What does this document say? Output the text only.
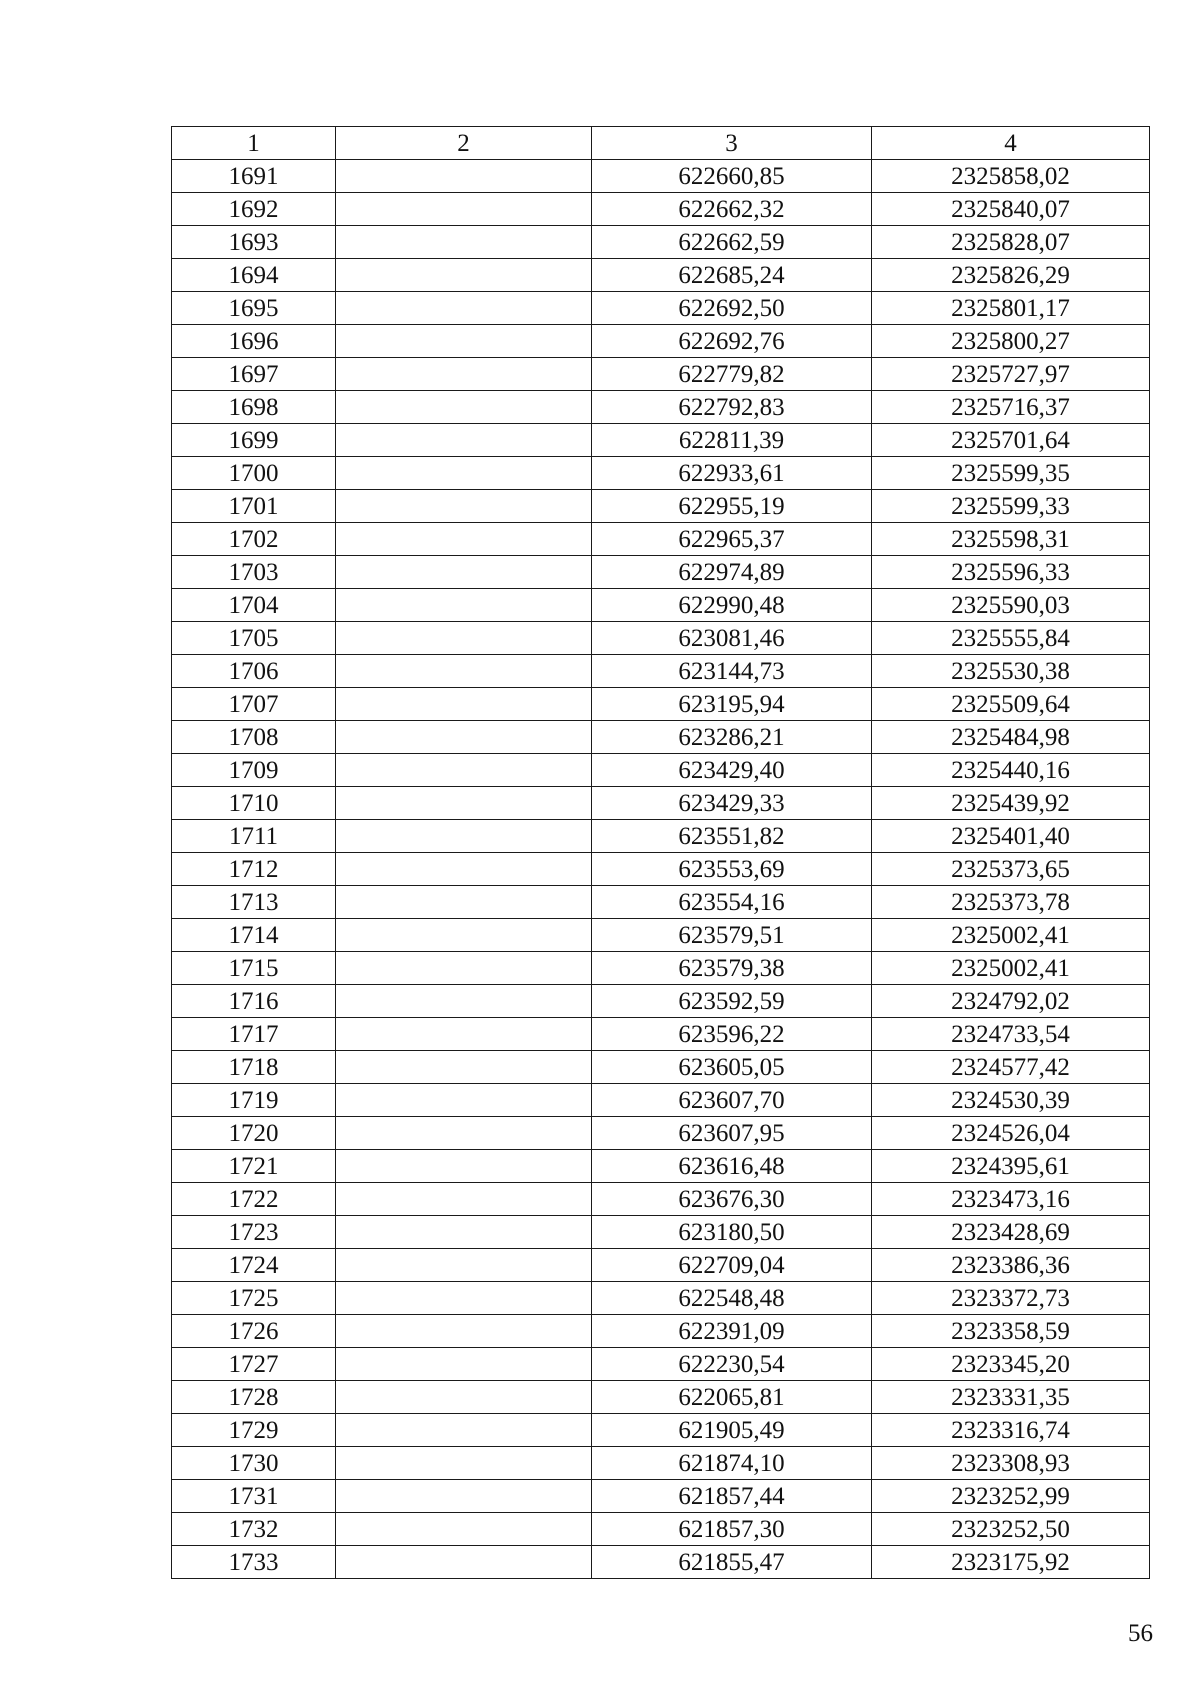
1	2	3	4
1691		622660,85	2325858,02
1692		622662,32	2325840,07
1693		622662,59	2325828,07
1694		622685,24	2325826,29
1695		622692,50	2325801,17
1696		622692,76	2325800,27
1697		622779,82	2325727,97
1698		622792,83	2325716,37
1699		622811,39	2325701,64
1700		622933,61	2325599,35
1701		622955,19	2325599,33
1702		622965,37	2325598,31
1703		622974,89	2325596,33
1704		622990,48	2325590,03
1705		623081,46	2325555,84
1706		623144,73	2325530,38
1707		623195,94	2325509,64
1708		623286,21	2325484,98
1709		623429,40	2325440,16
1710		623429,33	2325439,92
1711		623551,82	2325401,40
1712		623553,69	2325373,65
1713		623554,16	2325373,78
1714		623579,51	2325002,41
1715		623579,38	2325002,41
1716		623592,59	2324792,02
1717		623596,22	2324733,54
1718		623605,05	2324577,42
1719		623607,70	2324530,39
1720		623607,95	2324526,04
1721		623616,48	2324395,61
1722		623676,30	2323473,16
1723		623180,50	2323428,69
1724		622709,04	2323386,36
1725		622548,48	2323372,73
1726		622391,09	2323358,59
1727		622230,54	2323345,20
1728		622065,81	2323331,35
1729		621905,49	2323316,74
1730		621874,10	2323308,93
1731		621857,44	2323252,99
1732		621857,30	2323252,50
1733		621855,47	2323175,92
56
